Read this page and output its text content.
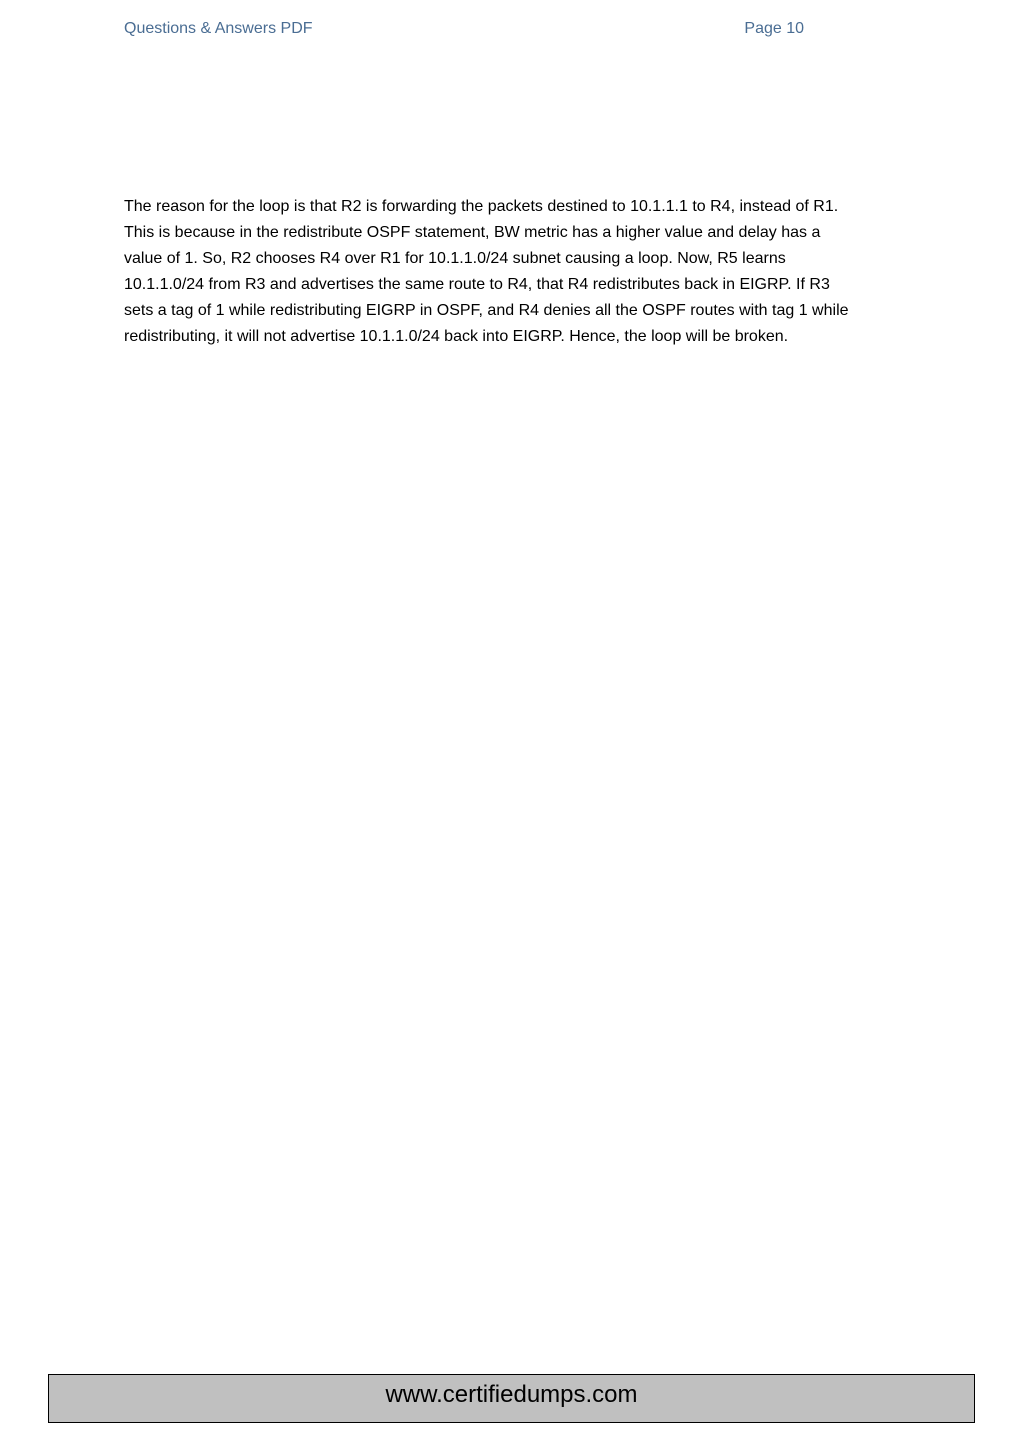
Questions & Answers PDF	Page 10
The reason for the loop is that R2 is forwarding the packets destined to 10.1.1.1 to R4, instead of R1.
This is because in the redistribute OSPF statement, BW metric has a higher value and delay has a
value of 1. So, R2 chooses R4 over R1 for 10.1.1.0/24 subnet causing a loop. Now, R5 learns
10.1.1.0/24 from R3 and advertises the same route to R4, that R4 redistributes back in EIGRP. If R3
sets a tag of 1 while redistributing EIGRP in OSPF, and R4 denies all the OSPF routes with tag 1 while
redistributing, it will not advertise 10.1.1.0/24 back into EIGRP. Hence, the loop will be broken.
www.certifiedumps.com
